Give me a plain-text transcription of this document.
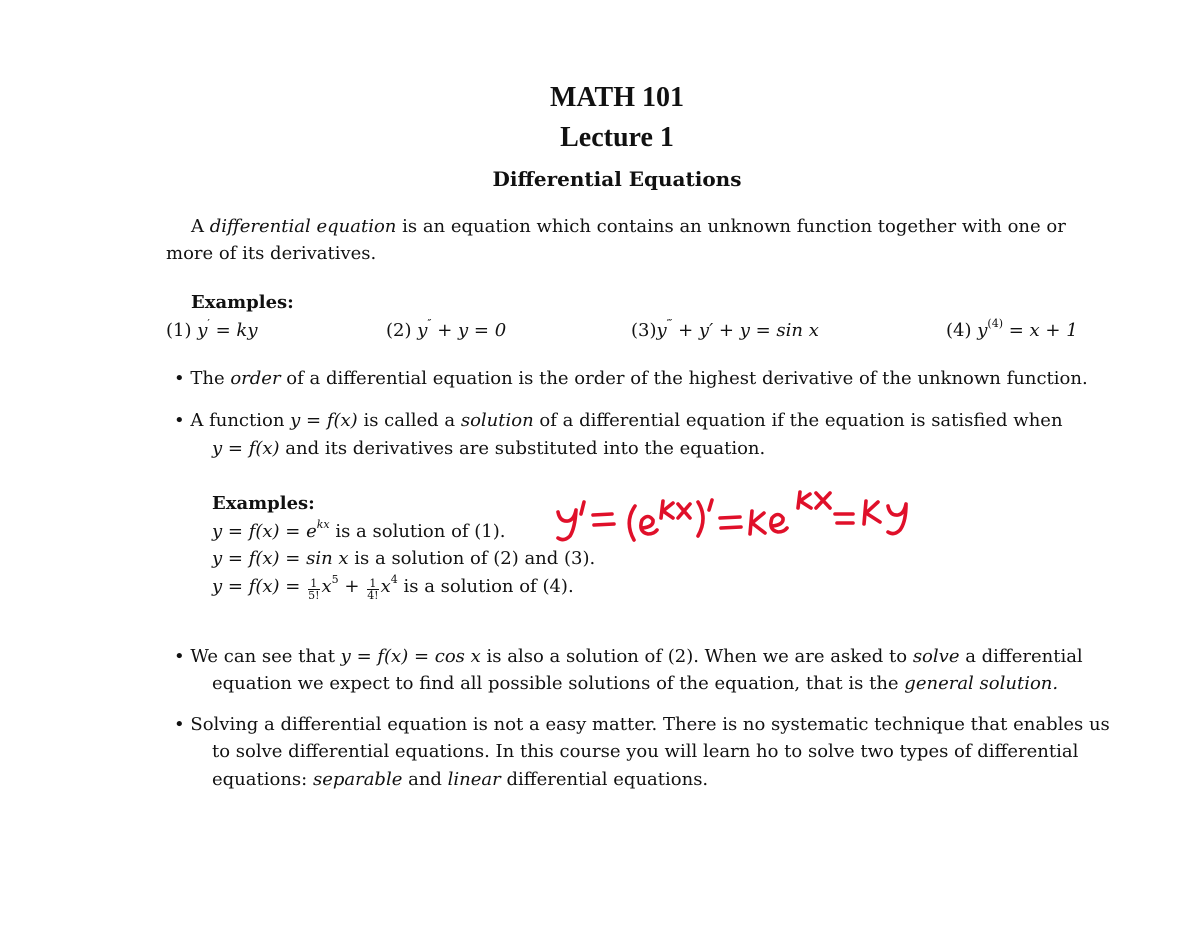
MATH 101
Lecture 1
Differential Equations
A differential equation is an equation which contains an unknown function together with one or
more of its derivatives.
Examples:
(1) y′ = ky	(2) y″ + y = 0	(3)y‴ + y′ + y = sin x	(4) $y^{(4)} = x + 1$
• The order of a differential equation is the order of the highest derivative of the unknown function.
• A function y = f(x) is called a solution of a differential equation if the equation is satisfied when
y = f(x) and its derivatives are substituted into the equation.
Examples:
$y = f(x) = e^{kx}$ is a solution of (1).
y = f(x) = sin x is a solution of (2) and (3).
$y = f(x) = \frac{1}{5!} x^5 + \frac{1}{4!} x^4$ is a solution of (4).
• We can see that y = f(x) = cos x is also a solution of (2). When we are asked to solve a differential
equation we expect to find all possible solutions of the equation, that is the general solution.
• Solving a differential equation is not a easy matter. There is no systematic technique that enables us
to solve differential equations. In this course you will learn ho to solve two types of differential
equations: separable and linear differential equations.
